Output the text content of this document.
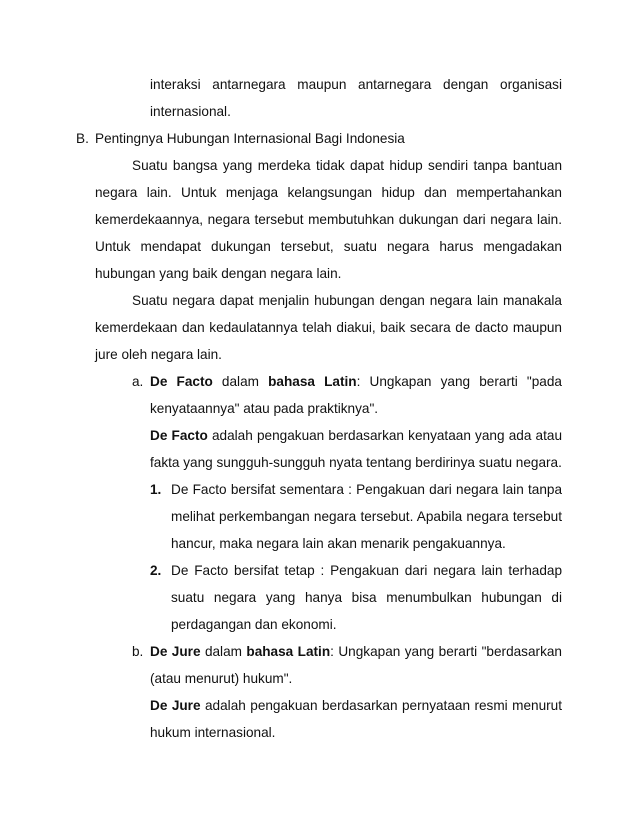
interaksi antarnegara maupun antarnegara dengan organisasi
internasional.
B. Pentingnya Hubungan Internasional Bagi Indonesia
Suatu bangsa yang merdeka tidak dapat hidup sendiri tanpa bantuan
negara lain. Untuk menjaga kelangsungan hidup dan mempertahankan
kemerdekaannya, negara tersebut membutuhkan dukungan dari negara lain.
Untuk mendapat dukungan tersebut, suatu negara harus mengadakan
hubungan yang baik dengan negara lain.
Suatu negara dapat menjalin hubungan dengan negara lain manakala
kemerdekaan dan kedaulatannya telah diakui, baik secara de dacto maupun
jure oleh negara lain.
a. De Facto dalam bahasa Latin: Ungkapan yang berarti "pada
kenyataannya" atau pada praktiknya".
De Facto adalah pengakuan berdasarkan kenyataan yang ada atau
fakta yang sungguh-sungguh nyata tentang berdirinya suatu negara.
1. De Facto bersifat sementara : Pengakuan dari negara lain tanpa
melihat perkembangan negara tersebut. Apabila negara tersebut
hancur, maka negara lain akan menarik pengakuannya.
2. De Facto bersifat tetap : Pengakuan dari negara lain terhadap
suatu negara yang hanya bisa menumbulkan hubungan di
perdagangan dan ekonomi.
b. De Jure dalam bahasa Latin: Ungkapan yang berarti "berdasarkan
(atau menurut) hukum".
De Jure adalah pengakuan berdasarkan pernyataan resmi menurut
hukum internasional.
